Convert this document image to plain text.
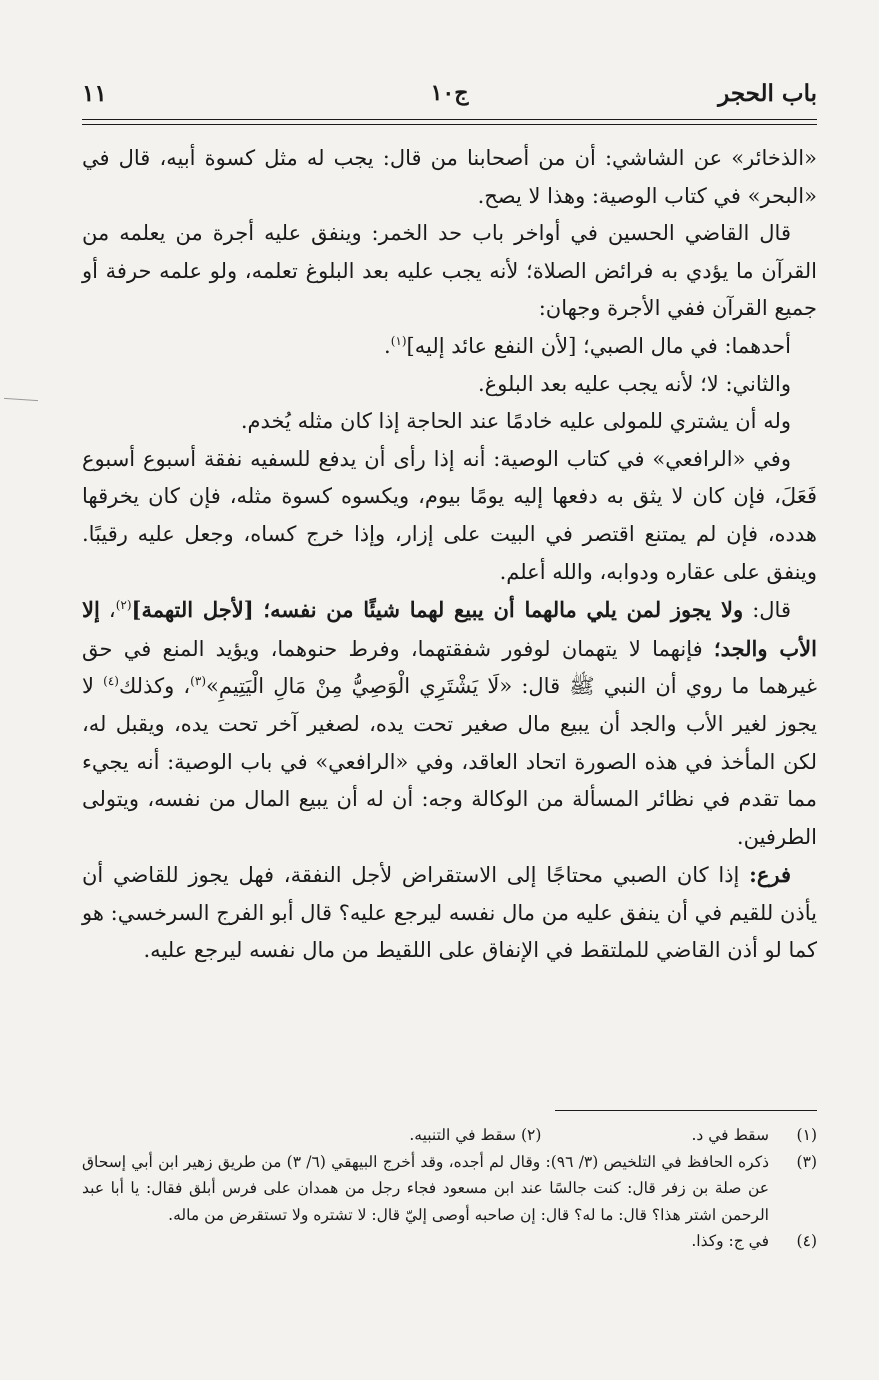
باب الحجر
ج١٠
١١

«الذخائر» عن الشاشي: أن من أصحابنا من قال: يجب له مثل كسوة أبيه، قال في «البحر» في كتاب الوصية: وهذا لا يصح.

قال القاضي الحسين في أواخر باب حد الخمر: وينفق عليه أجرة من يعلمه من القرآن ما يؤدي به فرائض الصلاة؛ لأنه يجب عليه بعد البلوغ تعلمه، ولو علمه حرفة أو جميع القرآن ففي الأجرة وجهان:

أحدهما: في مال الصبي؛ [لأن النفع عائد إليه]$^{(١)}$.

والثاني: لا؛ لأنه يجب عليه بعد البلوغ.

وله أن يشتري للمولى عليه خادمًا عند الحاجة إذا كان مثله يُخدم.

وفي «الرافعي» في كتاب الوصية: أنه إذا رأى أن يدفع للسفيه نفقة أسبوع أسبوع فَعَلَ، فإن كان لا يثق به دفعها إليه يومًا بيوم، ويكسوه كسوة مثله، فإن كان يخرقها هدده، فإن لم يمتنع اقتصر في البيت على إزار، وإذا خرج كساه، وجعل عليه رقيبًا. وينفق على عقاره ودوابه، والله أعلم.

قال: ولا يجوز لمن يلي مالهما أن يبيع لهما شيئًا من نفسه؛ [لأجل التهمة]$^{(٢)}$، إلا الأب والجد؛ فإنهما لا يتهمان لوفور شفقتهما، وفرط حنوهما، ويؤيد المنع في حق غيرهما ما روي أن النبي ﷺ قال: «لَا يَشْتَرِي الْوَصِيُّ مِنْ مَالِ الْيَتِيمِ»$^{(٣)}$، وكذلك$^{(٤)}$ لا يجوز لغير الأب والجد أن يبيع مال صغير تحت يده، لصغير آخر تحت يده، ويقبل له، لكن المأخذ في هذه الصورة اتحاد العاقد، وفي «الرافعي» في باب الوصية: أنه يجيء مما تقدم في نظائر المسألة من الوكالة وجه: أن له أن يبيع المال من نفسه، ويتولى الطرفين.

فرع: إذا كان الصبي محتاجًا إلى الاستقراض لأجل النفقة، فهل يجوز للقاضي أن يأذن للقيم في أن ينفق عليه من مال نفسه ليرجع عليه؟ قال أبو الفرج السرخسي: هو كما لو أذن القاضي للملتقط في الإنفاق على اللقيط من مال نفسه ليرجع عليه.

(١)
سقط في د.(٢) سقط في التنبيه.
(٣)
ذكره الحافظ في التلخيص (٣/ ٩٦): وقال لم أجده، وقد أخرج البيهقي (٦/ ٣) من طريق زهير ابن أبي إسحاق عن صلة بن زفر قال: كنت جالسًا عند ابن مسعود فجاء رجل من همدان على فرس أبلق فقال: يا أبا عبد الرحمن اشتر هذا؟ قال: ما له؟ قال: إن صاحبه أوصى إليّ قال: لا تشتره ولا تستقرض من ماله.
(٤)
في ج: وكذا.
